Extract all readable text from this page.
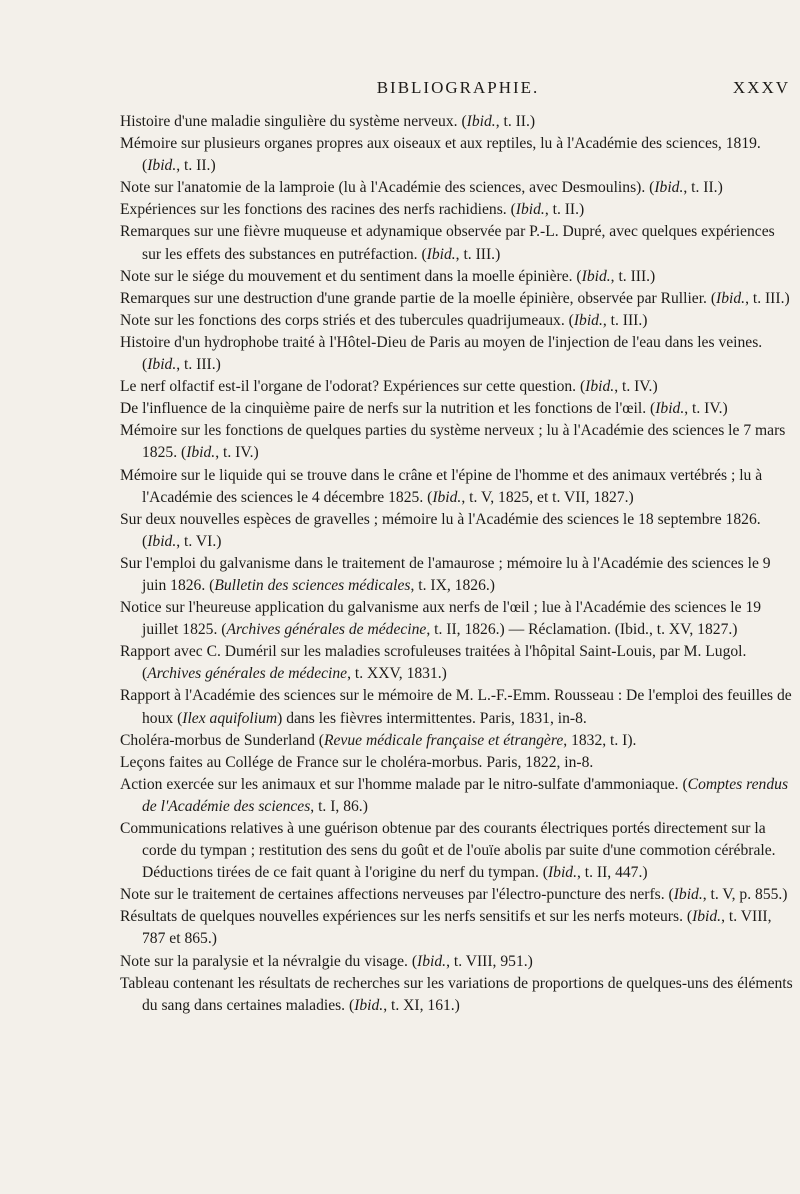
BIBLIOGRAPHIE.	XXXV

Histoire d'une maladie singulière du système nerveux. (Ibid., t. II.)

Mémoire sur plusieurs organes propres aux oiseaux et aux reptiles, lu à l'Académie des sciences, 1819. (Ibid., t. II.)

Note sur l'anatomie de la lamproie (lu à l'Académie des sciences, avec Desmoulins). (Ibid., t. II.)

Expériences sur les fonctions des racines des nerfs rachidiens. (Ibid., t. II.)

Remarques sur une fièvre muqueuse et adynamique observée par P.-L. Dupré, avec quelques expériences sur les effets des substances en putréfaction. (Ibid., t. III.)

Note sur le siége du mouvement et du sentiment dans la moelle épinière. (Ibid., t. III.)

Remarques sur une destruction d'une grande partie de la moelle épinière, observée par Rullier. (Ibid., t. III.)

Note sur les fonctions des corps striés et des tubercules quadrijumeaux. (Ibid., t. III.)

Histoire d'un hydrophobe traité à l'Hôtel-Dieu de Paris au moyen de l'injection de l'eau dans les veines. (Ibid., t. III.)

Le nerf olfactif est-il l'organe de l'odorat? Expériences sur cette question. (Ibid., t. IV.)

De l'influence de la cinquième paire de nerfs sur la nutrition et les fonctions de l'œil. (Ibid., t. IV.)

Mémoire sur les fonctions de quelques parties du système nerveux ; lu à l'Académie des sciences le 7 mars 1825. (Ibid., t. IV.)

Mémoire sur le liquide qui se trouve dans le crâne et l'épine de l'homme et des animaux vertébrés ; lu à l'Académie des sciences le 4 décembre 1825. (Ibid., t. V, 1825, et t. VII, 1827.)

Sur deux nouvelles espèces de gravelles ; mémoire lu à l'Académie des sciences le 18 septembre 1826. (Ibid., t. VI.)

Sur l'emploi du galvanisme dans le traitement de l'amaurose ; mémoire lu à l'Académie des sciences le 9 juin 1826. (Bulletin des sciences médicales, t. IX, 1826.)

Notice sur l'heureuse application du galvanisme aux nerfs de l'œil ; lue à l'Académie des sciences le 19 juillet 1825. (Archives générales de médecine, t. II, 1826.) — Réclamation. (Ibid., t. XV, 1827.)

Rapport avec C. Duméril sur les maladies scrofuleuses traitées à l'hôpital Saint-Louis, par M. Lugol. (Archives générales de médecine, t. XXV, 1831.)

Rapport à l'Académie des sciences sur le mémoire de M. L.-F.-Emm. Rousseau : De l'emploi des feuilles de houx (Ilex aquifolium) dans les fièvres intermittentes. Paris, 1831, in-8.

Choléra-morbus de Sunderland (Revue médicale française et étrangère, 1832, t. I).

Leçons faites au Collége de France sur le choléra-morbus. Paris, 1822, in-8.

Action exercée sur les animaux et sur l'homme malade par le nitro-sulfate d'ammoniaque. (Comptes rendus de l'Académie des sciences, t. I, 86.)

Communications relatives à une guérison obtenue par des courants électriques portés directement sur la corde du tympan ; restitution des sens du goût et de l'ouïe abolis par suite d'une commotion cérébrale. Déductions tirées de ce fait quant à l'origine du nerf du tympan. (Ibid., t. II, 447.)

Note sur le traitement de certaines affections nerveuses par l'électro-puncture des nerfs. (Ibid., t. V, p. 855.)

Résultats de quelques nouvelles expériences sur les nerfs sensitifs et sur les nerfs moteurs. (Ibid., t. VIII, 787 et 865.)

Note sur la paralysie et la névralgie du visage. (Ibid., t. VIII, 951.)

Tableau contenant les résultats de recherches sur les variations de proportions de quelques-uns des éléments du sang dans certaines maladies. (Ibid., t. XI, 161.)
